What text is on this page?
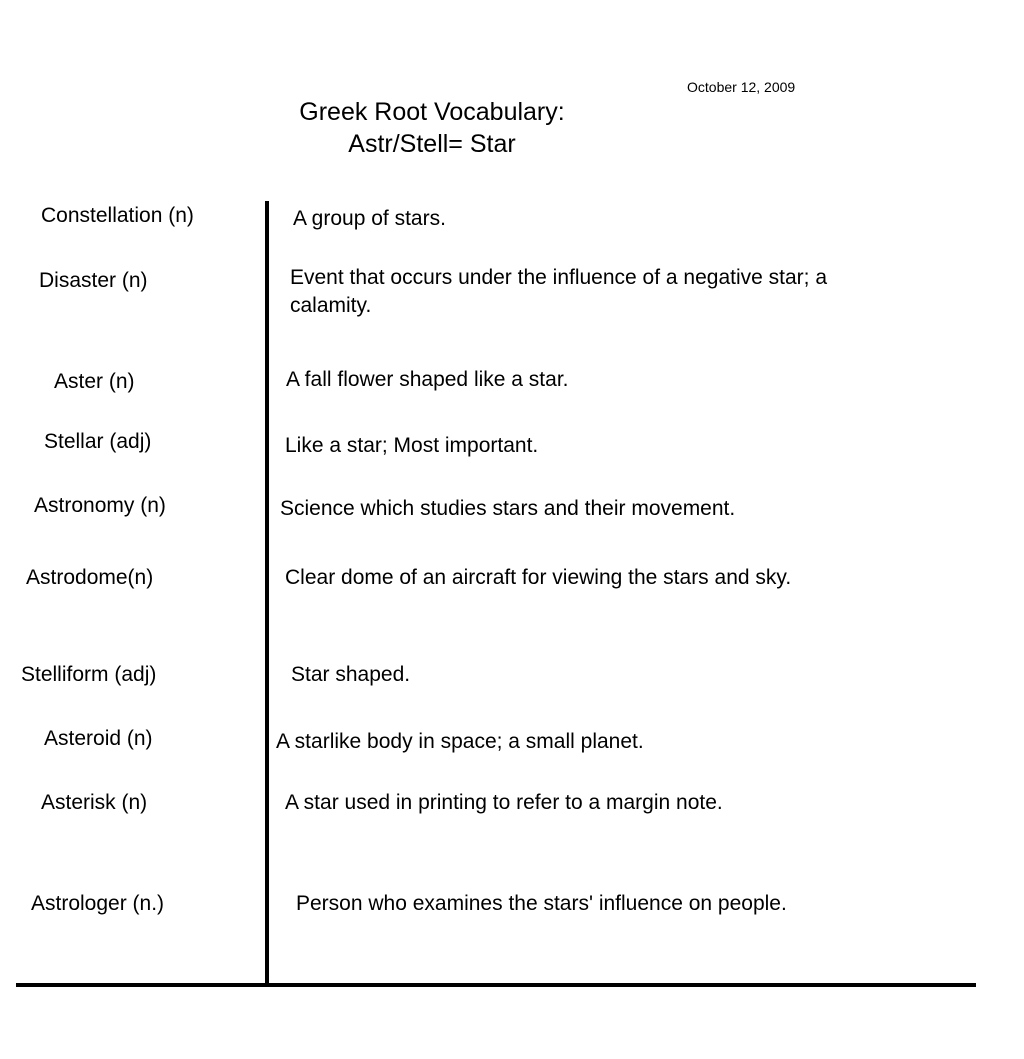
October 12, 2009
Greek Root Vocabulary:
Astr/Stell= Star
Constellation (n)	A group of stars.
Disaster (n)	Event that occurs under the influence of a negative star; a calamity.
Aster (n)	A fall flower shaped like a star.
Stellar (adj)	Like a star; Most important.
Astronomy (n)	Science which studies stars and their movement.
Astrodome(n)	Clear dome of an aircraft for viewing the stars and sky.
Stelliform (adj)	Star shaped.
Asteroid (n)	A starlike body in space; a small planet.
Asterisk (n)	A star used in printing to refer to a margin note.
Astrologer (n.)	Person who examines the stars' influence on people.
